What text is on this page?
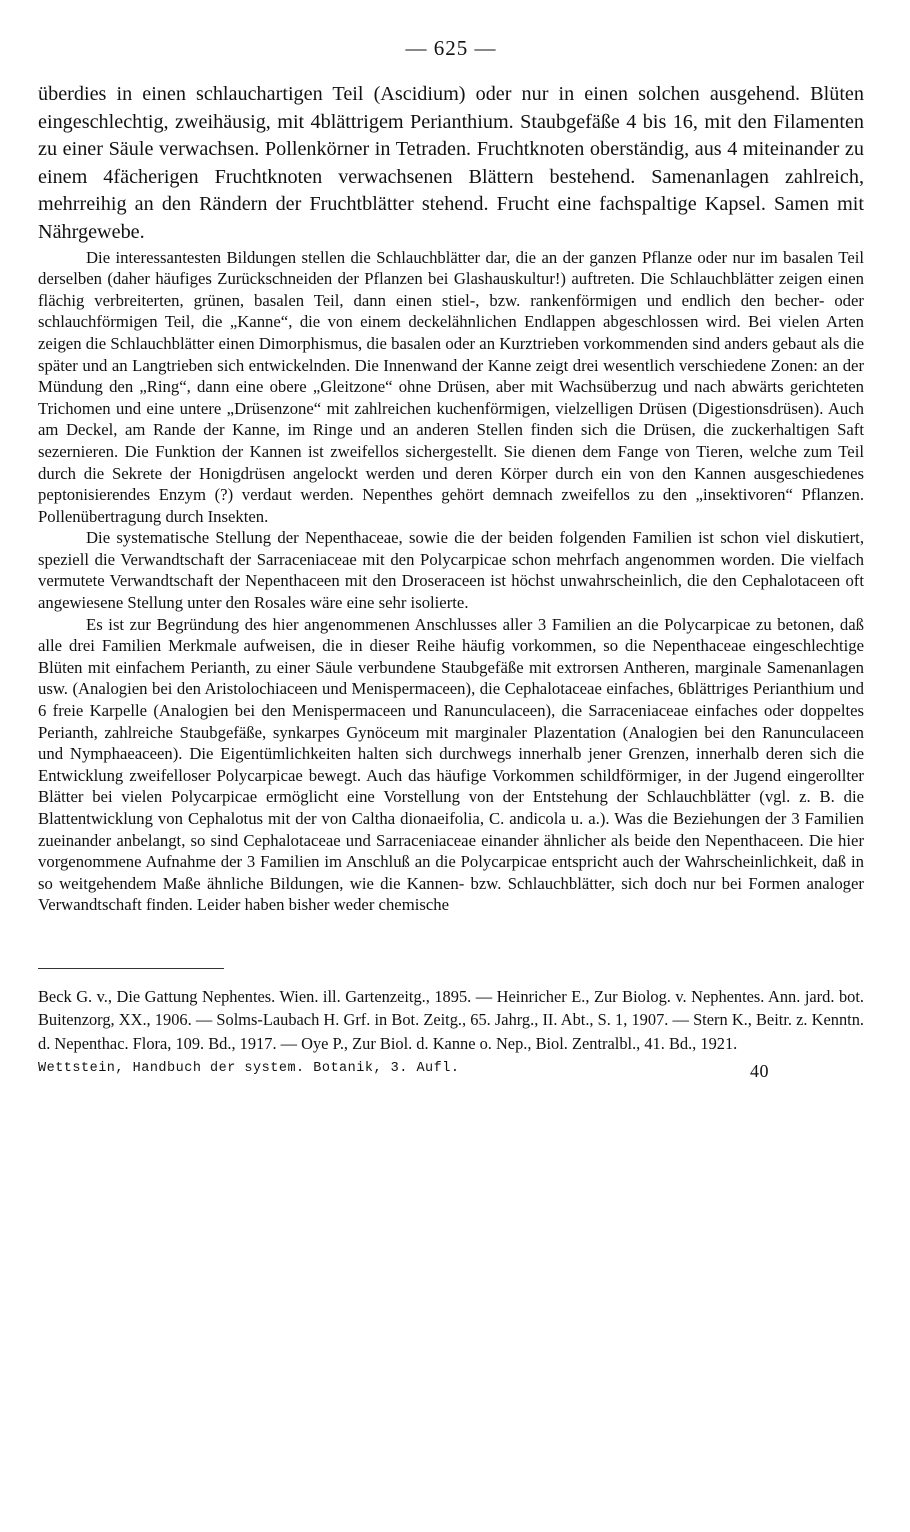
— 625 —

überdies in einen schlauchartigen Teil (Ascidium) oder nur in einen solchen ausgehend. Blüten eingeschlechtig, zweihäusig, mit 4blättrigem Perianthium. Staubgefäße 4 bis 16, mit den Filamenten zu einer Säule verwachsen. Pollenkörner in Tetraden. Fruchtknoten oberständig, aus 4 miteinander zu einem 4fächerigen Fruchtknoten verwachsenen Blättern bestehend. Samenanlagen zahlreich, mehrreihig an den Rändern der Fruchtblätter stehend. Frucht eine fachspaltige Kapsel. Samen mit Nährgewebe.

Die interessantesten Bildungen stellen die Schlauchblätter dar, die an der ganzen Pflanze oder nur im basalen Teil derselben (daher häufiges Zurückschneiden der Pflanzen bei Glashauskultur!) auftreten. Die Schlauchblätter zeigen einen flächig verbreiterten, grünen, basalen Teil, dann einen stiel-, bzw. rankenförmigen und endlich den becher- oder schlauchförmigen Teil, die „Kanne“, die von einem deckelähnlichen Endlappen abgeschlossen wird. Bei vielen Arten zeigen die Schlauchblätter einen Dimorphismus, die basalen oder an Kurztrieben vorkommenden sind anders gebaut als die später und an Langtrieben sich entwickelnden. Die Innenwand der Kanne zeigt drei wesentlich verschiedene Zonen: an der Mündung den „Ring“, dann eine obere „Gleitzone“ ohne Drüsen, aber mit Wachsüberzug und nach abwärts gerichteten Trichomen und eine untere „Drüsenzone“ mit zahlreichen kuchenförmigen, vielzelligen Drüsen (Digestionsdrüsen). Auch am Deckel, am Rande der Kanne, im Ringe und an anderen Stellen finden sich die Drüsen, die zuckerhaltigen Saft sezernieren. Die Funktion der Kannen ist zweifellos sichergestellt. Sie dienen dem Fange von Tieren, welche zum Teil durch die Sekrete der Honigdrüsen angelockt werden und deren Körper durch ein von den Kannen ausgeschiedenes peptonisierendes Enzym (?) verdaut werden. Nepenthes gehört demnach zweifellos zu den „insektivoren“ Pflanzen. Pollenübertragung durch Insekten.

Die systematische Stellung der Nepenthaceae, sowie die der beiden folgenden Familien ist schon viel diskutiert, speziell die Verwandtschaft der Sarraceniaceae mit den Polycarpicae schon mehrfach angenommen worden. Die vielfach vermutete Verwandtschaft der Nepenthaceen mit den Droseraceen ist höchst unwahrscheinlich, die den Cephalotaceen oft angewiesene Stellung unter den Rosales wäre eine sehr isolierte.

Es ist zur Begründung des hier angenommenen Anschlusses aller 3 Familien an die Polycarpicae zu betonen, daß alle drei Familien Merkmale aufweisen, die in dieser Reihe häufig vorkommen, so die Nepenthaceae eingeschlechtige Blüten mit einfachem Perianth, zu einer Säule verbundene Staubgefäße mit extrorsen Antheren, marginale Samenanlagen usw. (Analogien bei den Aristolochiaceen und Menispermaceen), die Cephalotaceae einfaches, 6blättriges Perianthium und 6 freie Karpelle (Analogien bei den Menispermaceen und Ranunculaceen), die Sarraceniaceae einfaches oder doppeltes Perianth, zahlreiche Staubgefäße, synkarpes Gynöceum mit marginaler Plazentation (Analogien bei den Ranunculaceen und Nymphaeaceen). Die Eigentümlichkeiten halten sich durchwegs innerhalb jener Grenzen, innerhalb deren sich die Entwicklung zweifelloser Polycarpicae bewegt. Auch das häufige Vorkommen schildförmiger, in der Jugend eingerollter Blätter bei vielen Polycarpicae ermöglicht eine Vorstellung von der Entstehung der Schlauchblätter (vgl. z. B. die Blattentwicklung von Cephalotus mit der von Caltha dionaeifolia, C. andicola u. a.). Was die Beziehungen der 3 Familien zueinander anbelangt, so sind Cephalotaceae und Sarraceniaceae einander ähnlicher als beide den Nepenthaceen. Die hier vorgenommene Aufnahme der 3 Familien im Anschluß an die Polycarpicae entspricht auch der Wahrscheinlichkeit, daß in so weitgehendem Maße ähnliche Bildungen, wie die Kannen- bzw. Schlauchblätter, sich doch nur bei Formen analoger Verwandtschaft finden. Leider haben bisher weder chemische

Beck G. v., Die Gattung Nephentes. Wien. ill. Gartenzeitg., 1895. — Heinricher E., Zur Biolog. v. Nephentes. Ann. jard. bot. Buitenzorg, XX., 1906. — Solms-Laubach H. Grf. in Bot. Zeitg., 65. Jahrg., II. Abt., S. 1, 1907. — Stern K., Beitr. z. Kenntn. d. Nepenthac. Flora, 109. Bd., 1917. — Oye P., Zur Biol. d. Kanne o. Nep., Biol. Zentralbl., 41. Bd., 1921.

Wettstein, Handbuch der system. Botanik, 3. Aufl.	40
